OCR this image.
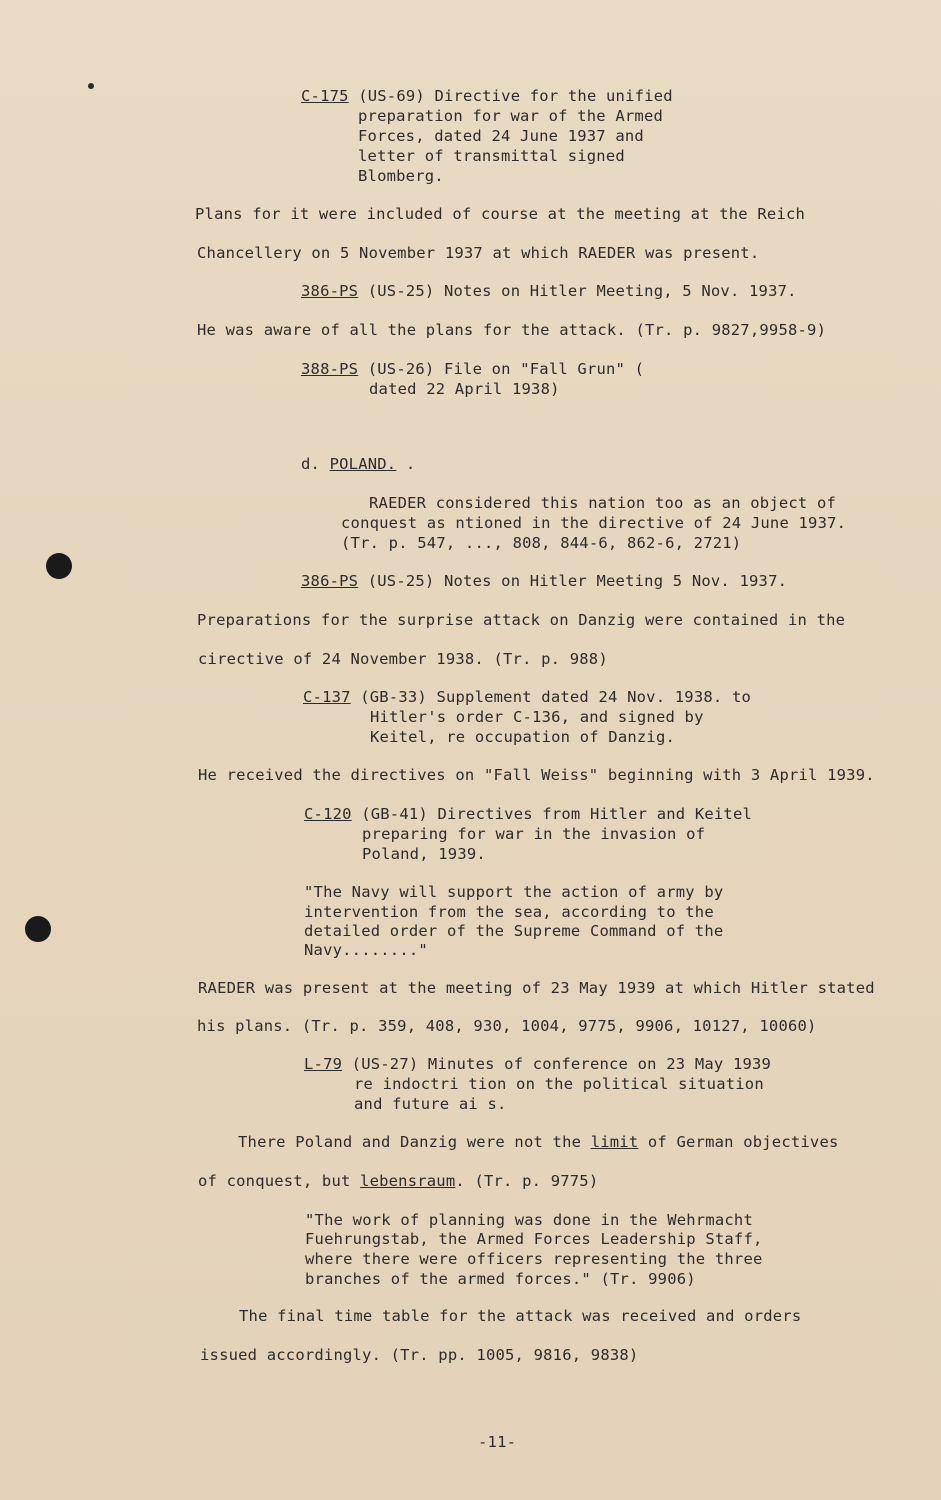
C-175 (US-69) Directive for the unified
preparation for war of the Armed
Forces, dated 24 June 1937 and
letter of transmittal signed
Blomberg.
Plans for it were included of course at the meeting at the Reich
Chancellery on 5 November 1937 at which RAEDER was present.
386-PS (US-25) Notes on Hitler Meeting, 5 Nov. 1937.
He was aware of all the plans for the attack. (Tr. p. 9827,9958-9)
388-PS (US-26) File on "Fall Grun" (
dated 22 April 1938)
d. POLAND. .
RAEDER considered this nation too as an object of
conquest as ntioned in the directive of 24 June 1937.
(Tr. p. 547, ..., 808, 844-6, 862-6, 2721)
386-PS (US-25) Notes on Hitler Meeting 5 Nov. 1937.
Preparations for the surprise attack on Danzig were contained in the
cirective of 24 November 1938. (Tr. p. 988)
C-137 (GB-33) Supplement dated 24 Nov. 1938. to
Hitler's order C-136, and signed by
Keitel, re occupation of Danzig.
He received the directives on "Fall Weiss" beginning with 3 April 1939.
C-120 (GB-41) Directives from Hitler and Keitel
preparing for war in the invasion of
Poland, 1939.
"The Navy will support the action of army by
intervention from the sea, according to the
detailed order of the Supreme Command of the
Navy........"
RAEDER was present at the meeting of 23 May 1939 at which Hitler stated
his plans. (Tr. p. 359, 408, 930, 1004, 9775, 9906, 10127, 10060)
L-79 (US-27) Minutes of conference on 23 May 1939
re indoctri tion on the political situation
and future ai s.
There Poland and Danzig were not the limit of German objectives
of conquest, but lebensraum. (Tr. p. 9775)
"The work of planning was done in the Wehrmacht
Fuehrungstab, the Armed Forces Leadership Staff,
where there were officers representing the three
branches of the armed forces." (Tr. 9906)
The final time table for the attack was received and orders
issued accordingly. (Tr. pp. 1005, 9816, 9838)
-11-
